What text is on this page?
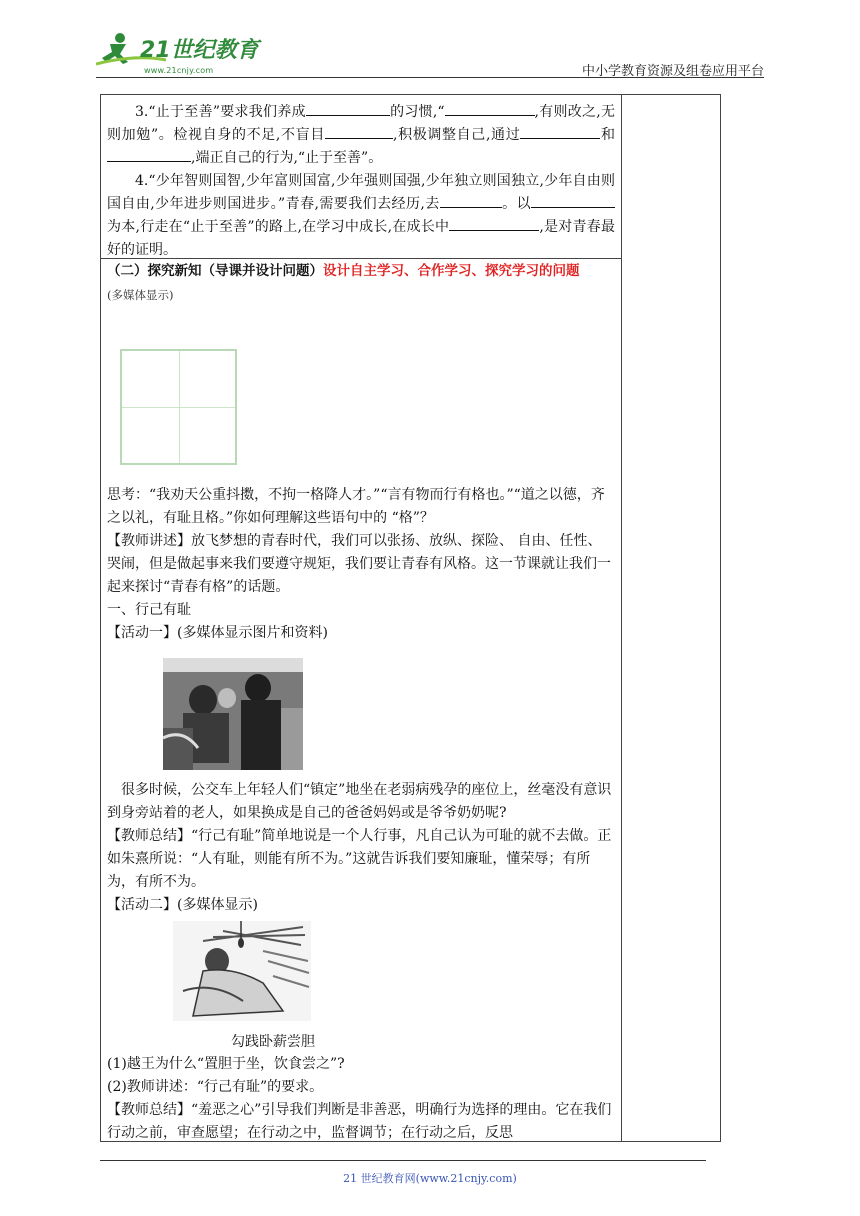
21世纪教育
www.21cnjy.com	中小学教育资源及组卷应用平台

3.“止于至善”要求我们养成	的习惯,“	,有则改之,无则加勉”。检视自身的不足,不盲目	,积极调整自己,通过	和,端正自己的行为,“止于至善”。

4.“少年智则国智,少年富则国富,少年强则国强,少年独立则国独立,少年自由则国自由,少年进步则国进步。”青春,需要我们去经历,去	。以为本,行走在“止于至善”的路上,在学习中成长,在成长中	,是对青春最好的证明。

（二）探究新知（导课并设计问题）设计自主学习、合作学习、探究学习的问题

(多媒体显示)

思考：“我劝天公重抖擞，不拘一格降人才。”“言有物而行有格也。”“道之以德，齐之以礼，有耻且格。”你如何理解这些语句中的 “格”？

【教师讲述】放飞梦想的青春时代，我们可以张扬、放纵、探险、 自由、任性、哭闹，但是做起事来我们要遵守规矩，我们要让青春有风格。这一节课就让我们一起来探讨“青春有格”的话题。

一、行己有耻

【活动一】(多媒体显示图片和资料)

很多时候，公交车上年轻人们“镇定”地坐在老弱病残孕的座位上，丝毫没有意识到身旁站着的老人，如果换成是自己的爸爸妈妈或是爷爷奶奶呢?

【教师总结】“行己有耻”简单地说是一个人行事，凡自己认为可耻的就不去做。正如朱熹所说：“人有耻，则能有所不为。”这就告诉我们要知廉耻，懂荣辱；有所为，有所不为。

【活动二】(多媒体显示)

勾践卧薪尝胆

(1)越王为什么“置胆于坐，饮食尝之”?

(2)教师讲述：“行己有耻”的要求。

【教师总结】“羞恶之心”引导我们判断是非善恶，明确行为选择的理由。它在我们行动之前，审查愿望；在行动之中，监督调节；在行动之后，反思

21 世纪教育网(www.21cnjy.com)
